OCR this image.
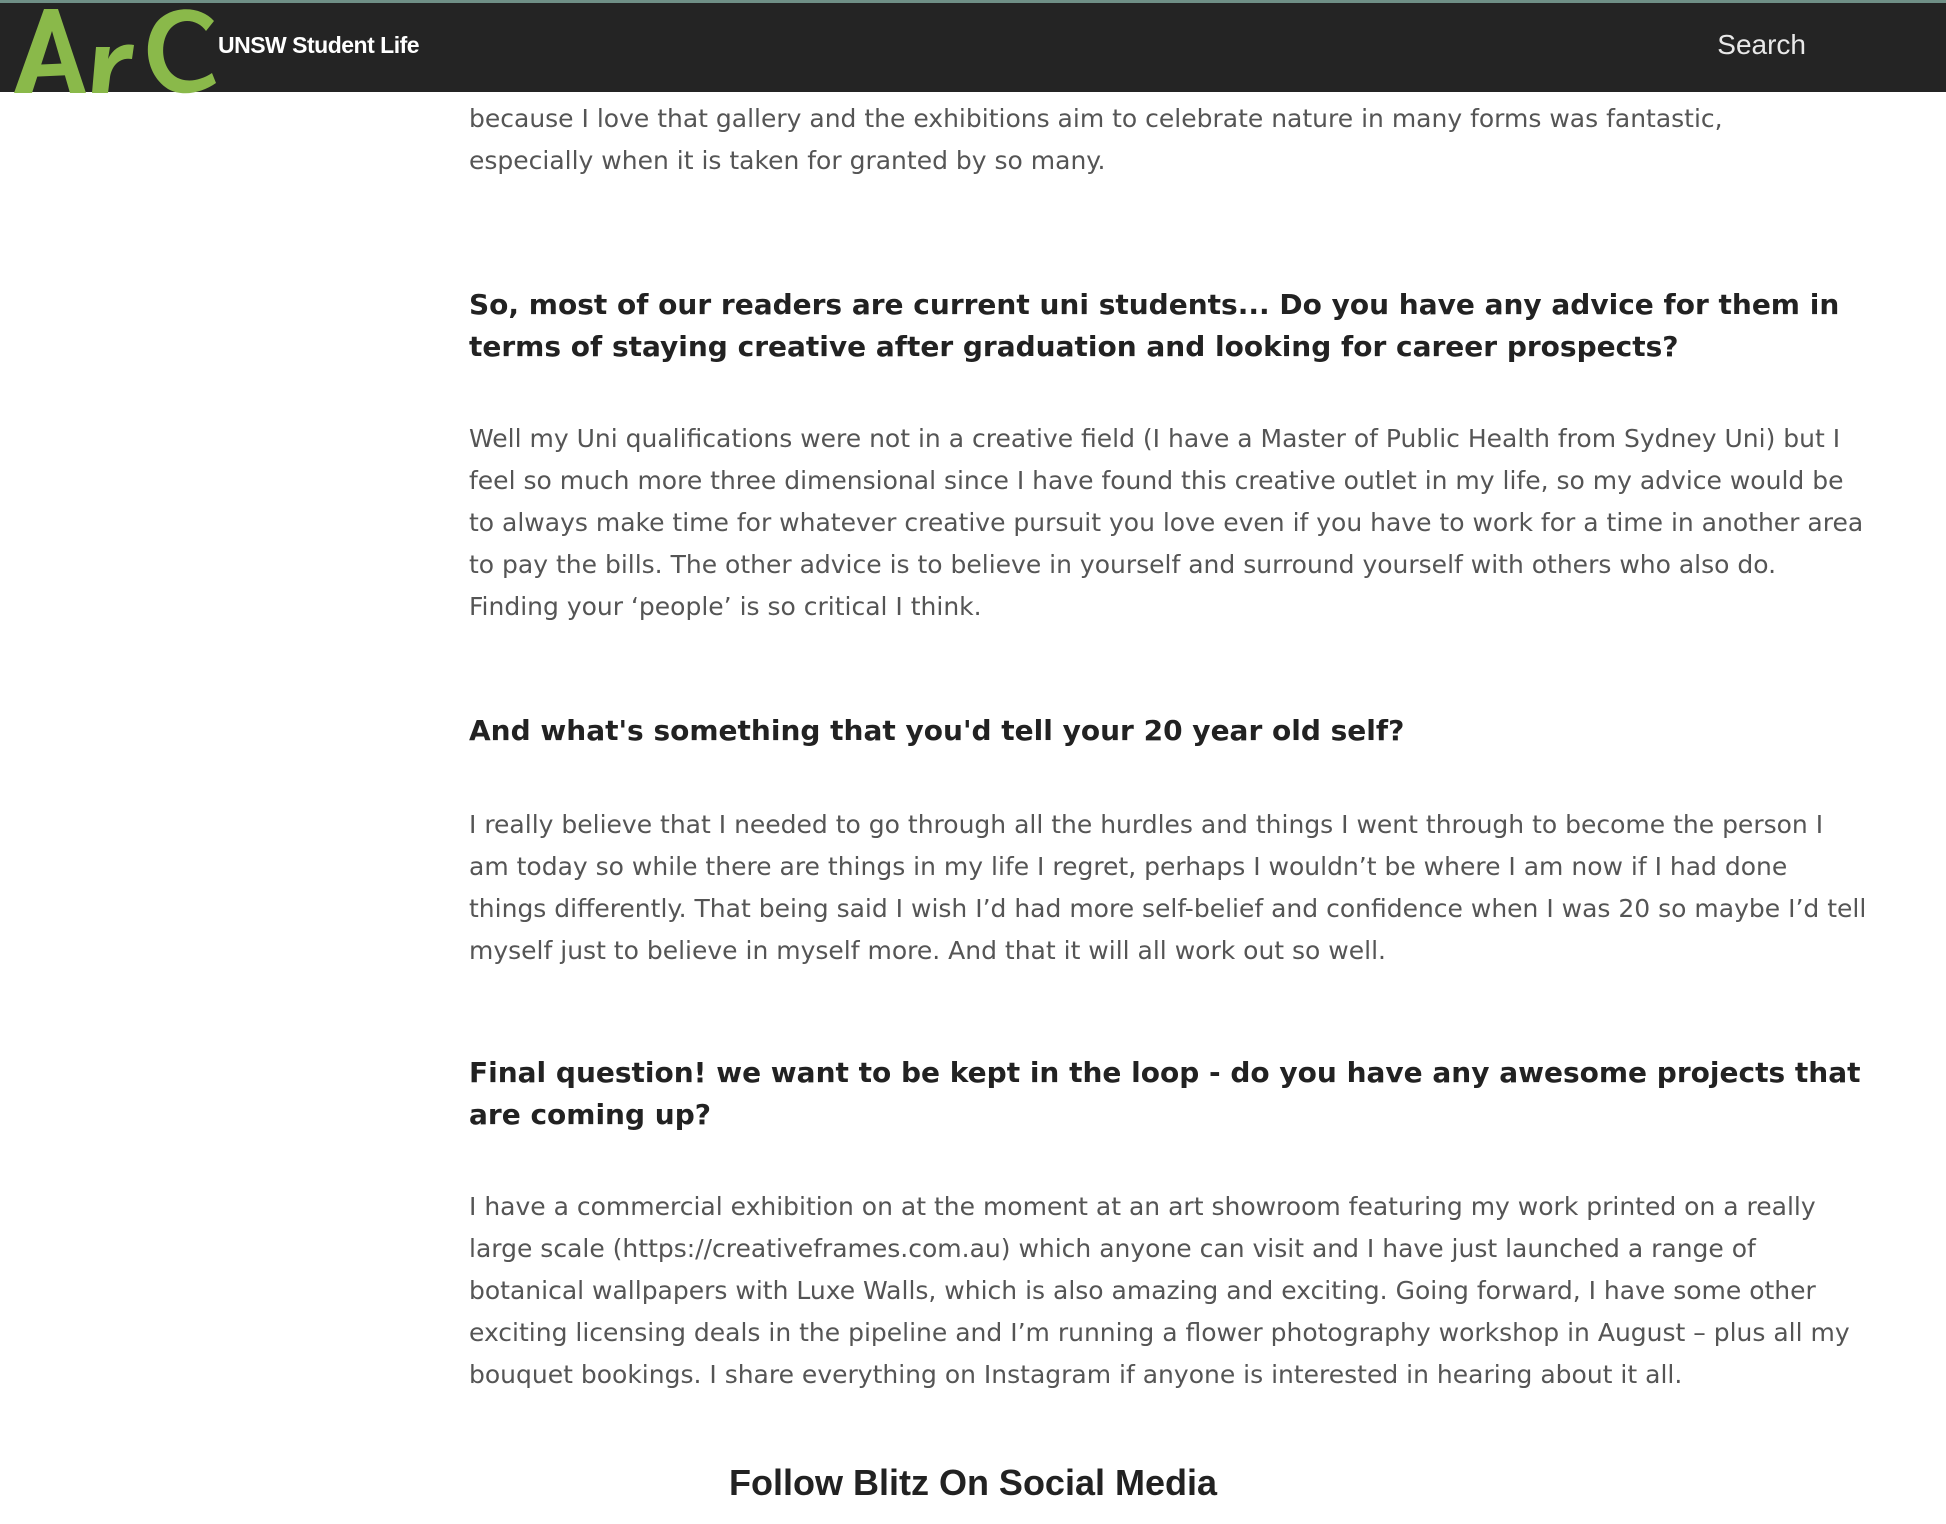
UNSW Student Life	Search

because I love that gallery and the exhibitions aim to celebrate nature in many forms was fantastic, especially when it is taken for granted by so many.

So, most of our readers are current uni students... Do you have any advice for them in terms of staying creative after graduation and looking for career prospects?

Well my Uni qualifications were not in a creative field (I have a Master of Public Health from Sydney Uni) but I feel so much more three dimensional since I have found this creative outlet in my life, so my advice would be to always make time for whatever creative pursuit you love even if you have to work for a time in another area to pay the bills. The other advice is to believe in yourself and surround yourself with others who also do. Finding your ‘people’ is so critical I think.

And what's something that you'd tell your 20 year old self?

I really believe that I needed to go through all the hurdles and things I went through to become the person I am today so while there are things in my life I regret, perhaps I wouldn’t be where I am now if I had done things differently. That being said I wish I’d had more self-belief and confidence when I was 20 so maybe I’d tell myself just to believe in myself more. And that it will all work out so well.

Final question! we want to be kept in the loop - do you have any awesome projects that are coming up?

I have a commercial exhibition on at the moment at an art showroom featuring my work printed on a really large scale (https://creativeframes.com.au) which anyone can visit and I have just launched a range of botanical wallpapers with Luxe Walls, which is also amazing and exciting. Going forward, I have some other exciting licensing deals in the pipeline and I’m running a flower photography workshop in August – plus all my bouquet bookings. I share everything on Instagram if anyone is interested in hearing about it all.

Follow Blitz On Social Media
